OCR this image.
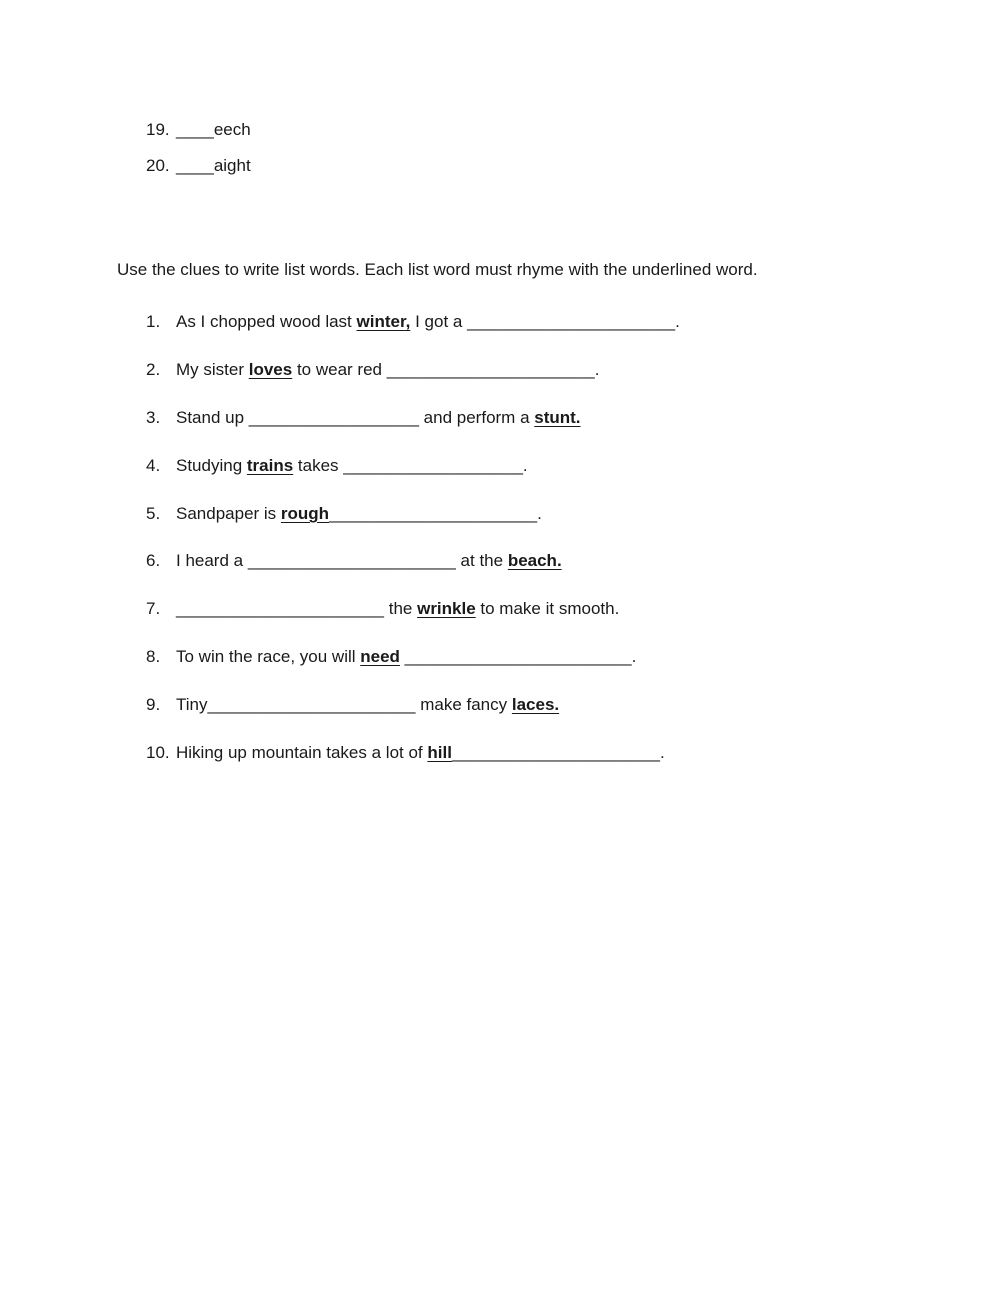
19. ____eech
20. ____aight
Use the clues to write list words. Each list word must rhyme with the underlined word.
1. As I chopped wood last winter, I got a ______________________.
2. My sister loves to wear red ______________________.
3. Stand up __________________ and perform a stunt.
4. Studying trains takes ___________________.
5. Sandpaper is rough______________________.
6. I heard a ______________________ at the beach.
7. ______________________ the wrinkle to make it smooth.
8. To win the race, you will need ________________________.
9. Tiny______________________ make fancy laces.
10. Hiking up mountain takes a lot of hill______________________.
